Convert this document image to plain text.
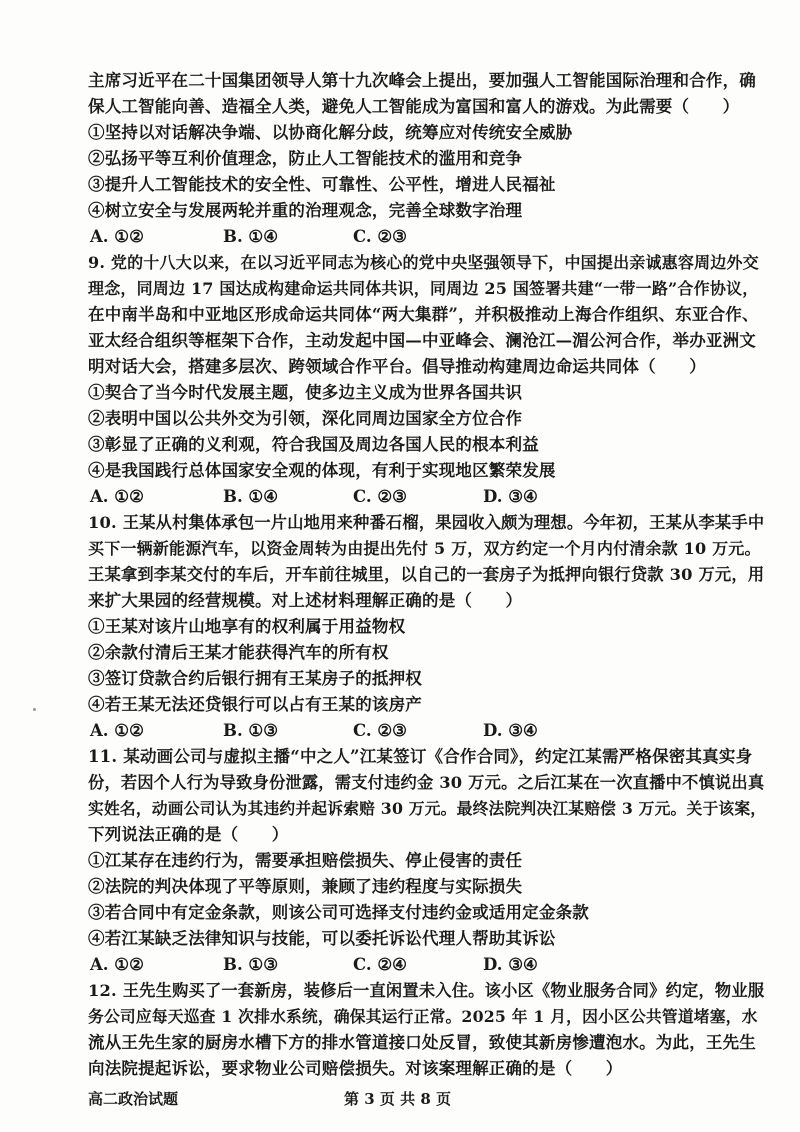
主席习近平在二十国集团领导人第十九次峰会上提出，要加强人工智能国际治理和合作，确
保人工智能向善、造福全人类，避免人工智能成为富国和富人的游戏。为此需要（　　）
①坚持以对话解决争端、以协商化解分歧，统筹应对传统安全威胁
②弘扬平等互利价值理念，防止人工智能技术的滥用和竞争
③提升人工智能技术的安全性、可靠性、公平性，增进人民福祉
④树立安全与发展两轮并重的治理观念，完善全球数字治理
A. ①②	B. ①④	C. ②③
9. 党的十八大以来，在以习近平同志为核心的党中央坚强领导下，中国提出亲诚惠容周边外交
理念，同周边 17 国达成构建命运共同体共识，同周边 25 国签署共建“一带一路”合作协议，
在中南半岛和中亚地区形成命运共同体“两大集群”，并积极推动上海合作组织、东亚合作、
亚太经合组织等框架下合作，主动发起中国—中亚峰会、澜沧江—湄公河合作，举办亚洲文
明对话大会，搭建多层次、跨领域合作平台。倡导推动构建周边命运共同体（　　）
①契合了当今时代发展主题，使多边主义成为世界各国共识
②表明中国以公共外交为引领，深化同周边国家全方位合作
③彰显了正确的义利观，符合我国及周边各国人民的根本利益
④是我国践行总体国家安全观的体现，有利于实现地区繁荣发展
A. ①②	B. ①④	C. ②③	D. ③④
10. 王某从村集体承包一片山地用来种番石榴，果园收入颇为理想。今年初，王某从李某手中
买下一辆新能源汽车，以资金周转为由提出先付 5 万，双方约定一个月内付清余款 10 万元。
王某拿到李某交付的车后，开车前往城里，以自己的一套房子为抵押向银行贷款 30 万元，用
来扩大果园的经营规模。对上述材料理解正确的是（　　）
①王某对该片山地享有的权利属于用益物权
②余款付清后王某才能获得汽车的所有权
③签订贷款合约后银行拥有王某房子的抵押权
④若王某无法还贷银行可以占有王某的该房产
A. ①②	B. ①③	C. ②③	D. ③④
11. 某动画公司与虚拟主播“中之人”江某签订《合作合同》，约定江某需严格保密其真实身
份，若因个人行为导致身份泄露，需支付违约金 30 万元。之后江某在一次直播中不慎说出真
实姓名，动画公司认为其违约并起诉索赔 30 万元。最终法院判决江某赔偿 3 万元。关于该案，
下列说法正确的是（　　）
①江某存在违约行为，需要承担赔偿损失、停止侵害的责任
②法院的判决体现了平等原则，兼顾了违约程度与实际损失
③若合同中有定金条款，则该公司可选择支付违约金或适用定金条款
④若江某缺乏法律知识与技能，可以委托诉讼代理人帮助其诉讼
A. ①②	B. ①③	C. ②④	D. ③④
12. 王先生购买了一套新房，装修后一直闲置未入住。该小区《物业服务合同》约定，物业服
务公司应每天巡查 1 次排水系统，确保其运行正常。2025 年 1 月，因小区公共管道堵塞，水
流从王先生家的厨房水槽下方的排水管道接口处反冒，致使其新房惨遭泡水。为此，王先生
向法院提起诉讼，要求物业公司赔偿损失。对该案理解正确的是（　　）
高二政治试题	第 3 页 共 8 页
